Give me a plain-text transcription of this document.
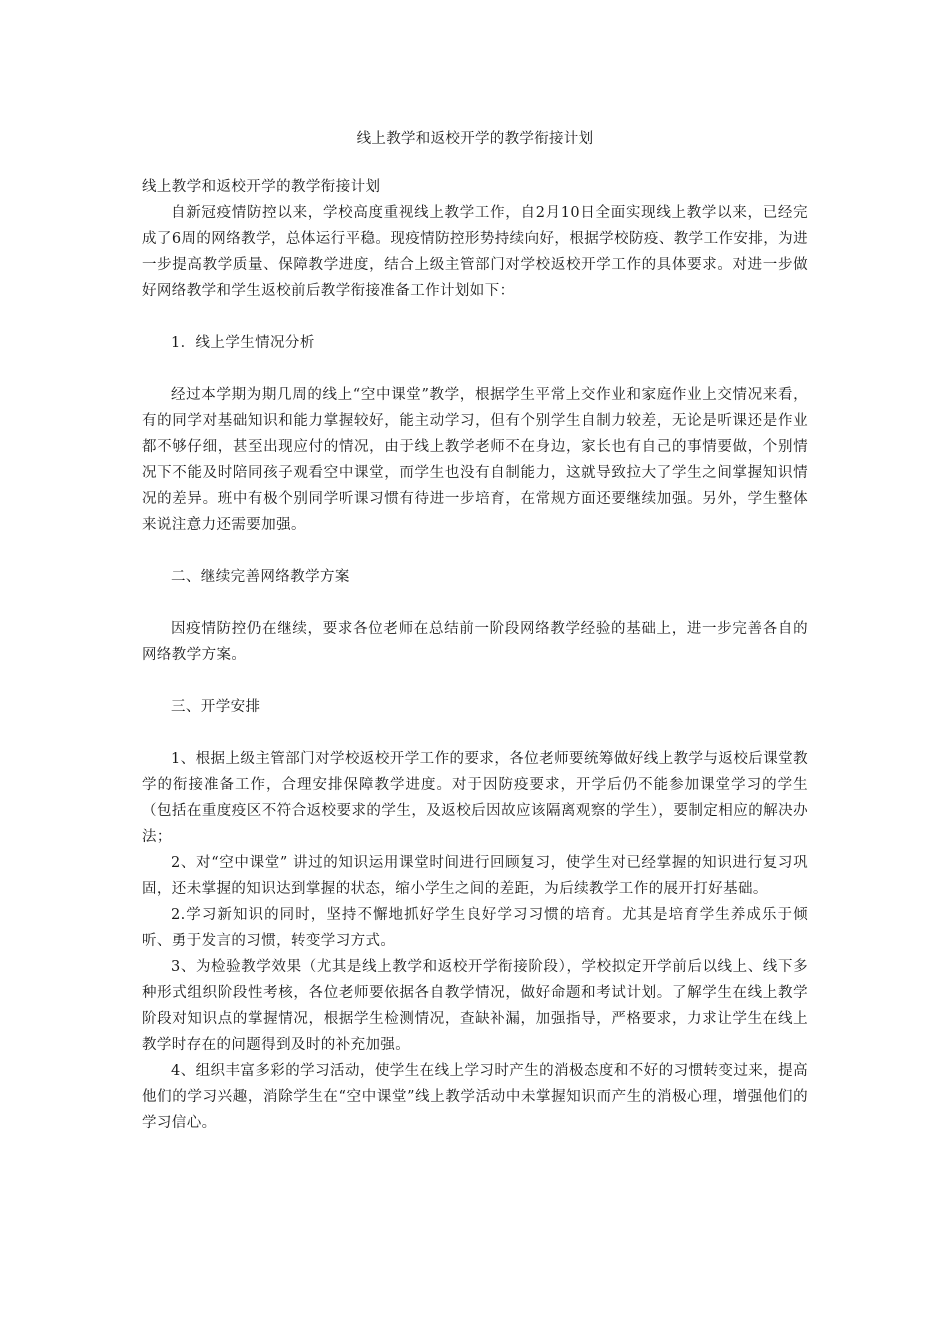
线上教学和返校开学的教学衔接计划

线上教学和返校开学的教学衔接计划

自新冠疫情防控以来，学校高度重视线上教学工作，自2月10日全面实现线上教学以来，已经完成了6周的网络教学，总体运行平稳。现疫情防控形势持续向好，根据学校防疫、教学工作安排，为进一步提高教学质量、保障教学进度，结合上级主管部门对学校返校开学工作的具体要求。对进一步做好网络教学和学生返校前后教学衔接准备工作计划如下：

1．线上学生情况分析

经过本学期为期几周的线上“空中课堂”教学，根据学生平常上交作业和家庭作业上交情况来看，有的同学对基础知识和能力掌握较好，能主动学习，但有个别学生自制力较差，无论是听课还是作业都不够仔细，甚至出现应付的情况，由于线上教学老师不在身边，家长也有自己的事情要做，个别情况下不能及时陪同孩子观看空中课堂，而学生也没有自制能力，这就导致拉大了学生之间掌握知识情况的差异。班中有极个别同学听课习惯有待进一步培育，在常规方面还要继续加强。另外，学生整体来说注意力还需要加强。

二、继续完善网络教学方案

因疫情防控仍在继续，要求各位老师在总结前一阶段网络教学经验的基础上，进一步完善各自的网络教学方案。

三、开学安排

1、根据上级主管部门对学校返校开学工作的要求，各位老师要统筹做好线上教学与返校后课堂教学的衔接准备工作，合理安排保障教学进度。对于因防疫要求，开学后仍不能参加课堂学习的学生（包括在重度疫区不符合返校要求的学生，及返校后因故应该隔离观察的学生），要制定相应的解决办法；

2、对“空中课堂” 讲过的知识运用课堂时间进行回顾复习，使学生对已经掌握的知识进行复习巩固，还未掌握的知识达到掌握的状态，缩小学生之间的差距，为后续教学工作的展开打好基础。

2.学习新知识的同时，坚持不懈地抓好学生良好学习习惯的培育。尤其是培育学生养成乐于倾听、勇于发言的习惯，转变学习方式。

3、为检验教学效果（尤其是线上教学和返校开学衔接阶段），学校拟定开学前后以线上、线下多种形式组织阶段性考核，各位老师要依据各自教学情况，做好命题和考试计划。了解学生在线上教学阶段对知识点的掌握情况，根据学生检测情况，查缺补漏，加强指导，严格要求，力求让学生在线上教学时存在的问题得到及时的补充加强。

4、组织丰富多彩的学习活动，使学生在线上学习时产生的消极态度和不好的习惯转变过来，提高他们的学习兴趣，消除学生在“空中课堂”线上教学活动中未掌握知识而产生的消极心理，增强他们的学习信心。
